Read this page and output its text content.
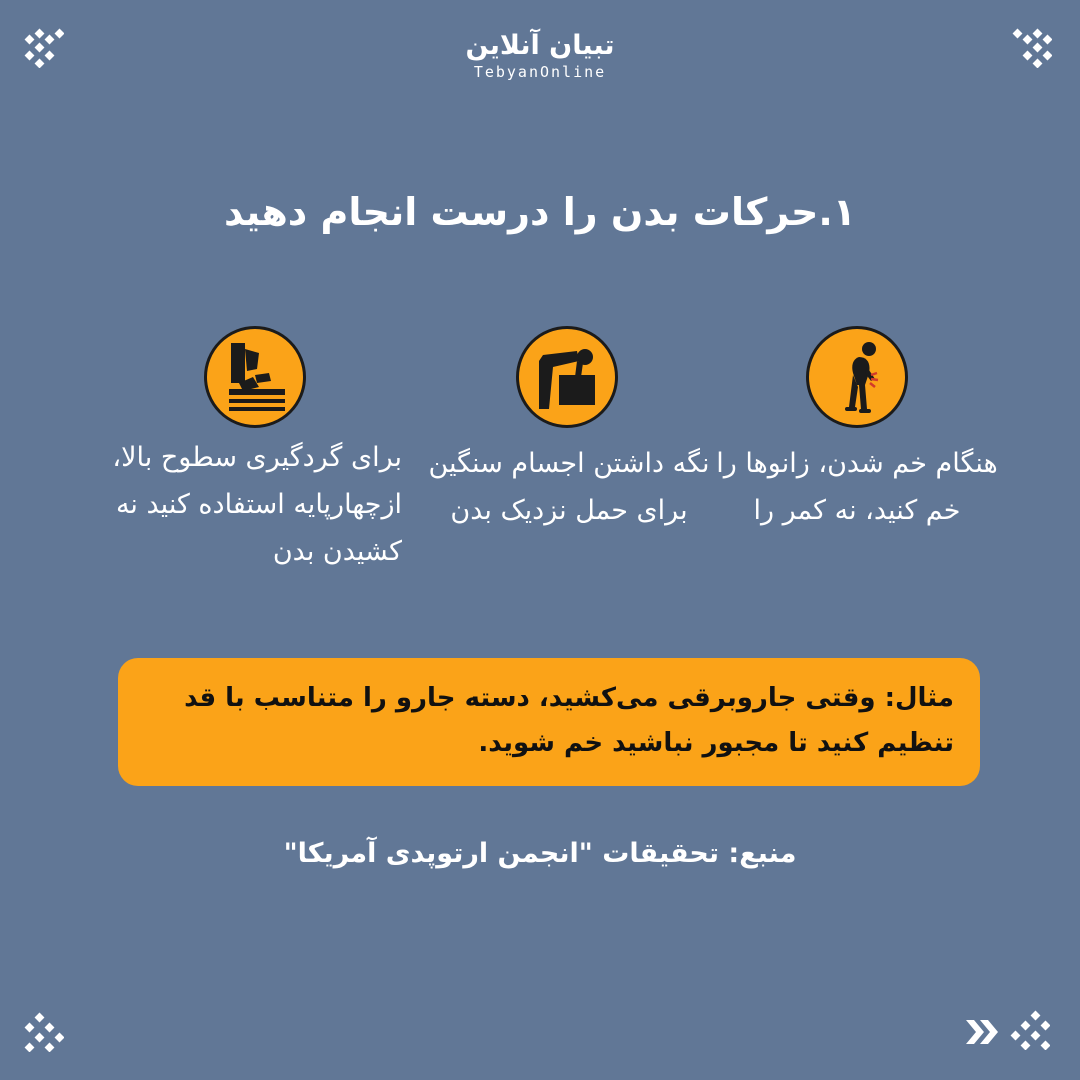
تبیان آنلاین
TebyanOnline
۱.حرکات بدن را درست انجام دهید
هنگام خم شدن، زانوها را خم کنید، نه کمر را
نگه داشتن اجسام سنگین برای حمل نزدیک بدن
برای گردگیری سطوح بالا، ازچهارپایه استفاده کنید نه کشیدن بدن
مثال: وقتی جاروبرقی می‌کشید، دسته جارو را متناسب با قد تنظیم کنید تا مجبور نباشید خم شوید.
منبع: تحقیقات "انجمن ارتوپدی آمریکا"
